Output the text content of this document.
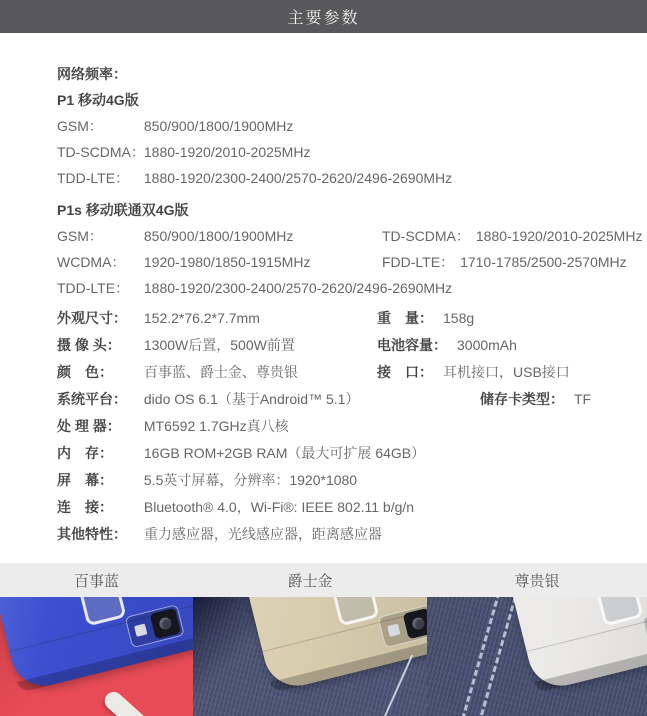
主要参数
网络频率：
P1 移动4G版
GSM：	850/900/1800/1900MHz
TD-SCDMA： 1880-1920/2010-2025MHz
TDD-LTE： 1880-1920/2300-2400/2570-2620/2496-2690MHz
P1s 移动联通双4G版
GSM：	850/900/1800/1900MHz	TD-SCDMA： 1880-1920/2010-2025MHz
WCDMA： 1920-1980/1850-1915MHz	FDD-LTE： 1710-1785/2500-2570MHz
TDD-LTE： 1880-1920/2300-2400/2570-2620/2496-2690MHz
外观尺寸： 152.2*76.2*7.7mm	重　量： 158g
摄 像 头： 1300W后置，500W前置	电池容量： 3000mAh
颜　色： 百事蓝、爵士金、尊贵银	接　口： 耳机接口，USB接口
系统平台： dido OS 6.1（基于Android™ 5.1）	储存卡类型： TF
处 理 器： MT6592 1.7GHz真八核
内　存： 16GB ROM+2GB RAM（最大可扩展 64GB）
屏　幕： 5.5英寸屏幕，分辨率：1920*1080
连　接： Bluetooth® 4.0，Wi-Fi®: IEEE 802.11 b/g/n
其他特性： 重力感应器，光线感应器，距离感应器
百事蓝	爵士金	尊贵银
